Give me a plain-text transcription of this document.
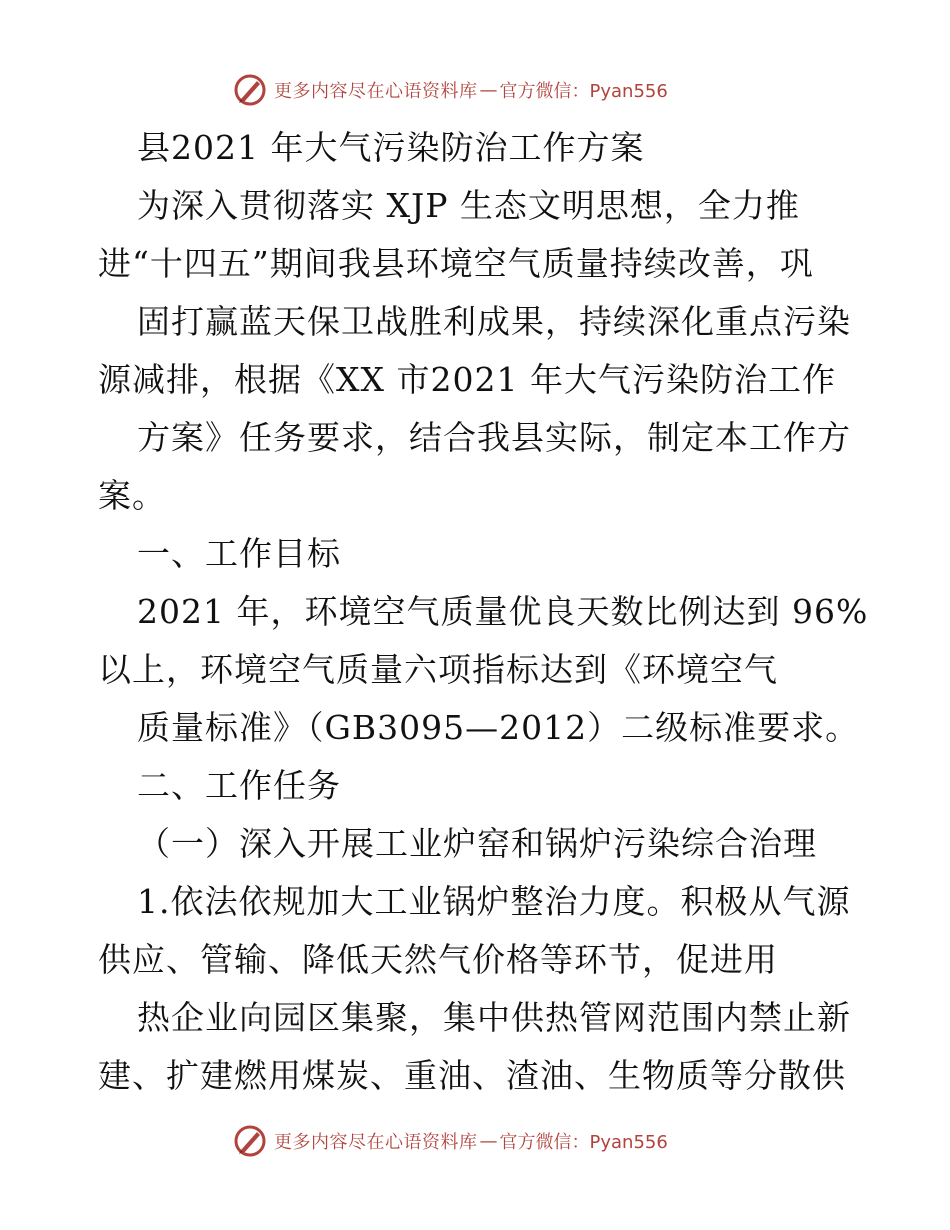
更多内容尽在心语资料库 — 官方微信：Pyan556
县2021 年大气污染防治工作方案
为深入贯彻落实 XJP 生态文明思想，全力推
进“十四五”期间我县环境空气质量持续改善，巩
固打赢蓝天保卫战胜利成果，持续深化重点污染
源减排，根据《XX 市2021 年大气污染防治工作
方案》任务要求，结合我县实际，制定本工作方
案。
一、工作目标
2021 年，环境空气质量优良天数比例达到 96%
以上，环境空气质量六项指标达到《环境空气
质量标准》（GB3095—2012）二级标准要求。
二、工作任务
（一）深入开展工业炉窑和锅炉污染综合治理
1.依法依规加大工业锅炉整治力度。积极从气源
供应、管输、降低天然气价格等环节，促进用
热企业向园区集聚，集中供热管网范围内禁止新
建、扩建燃用煤炭、重油、渣油、生物质等分散供
更多内容尽在心语资料库 — 官方微信：Pyan556
